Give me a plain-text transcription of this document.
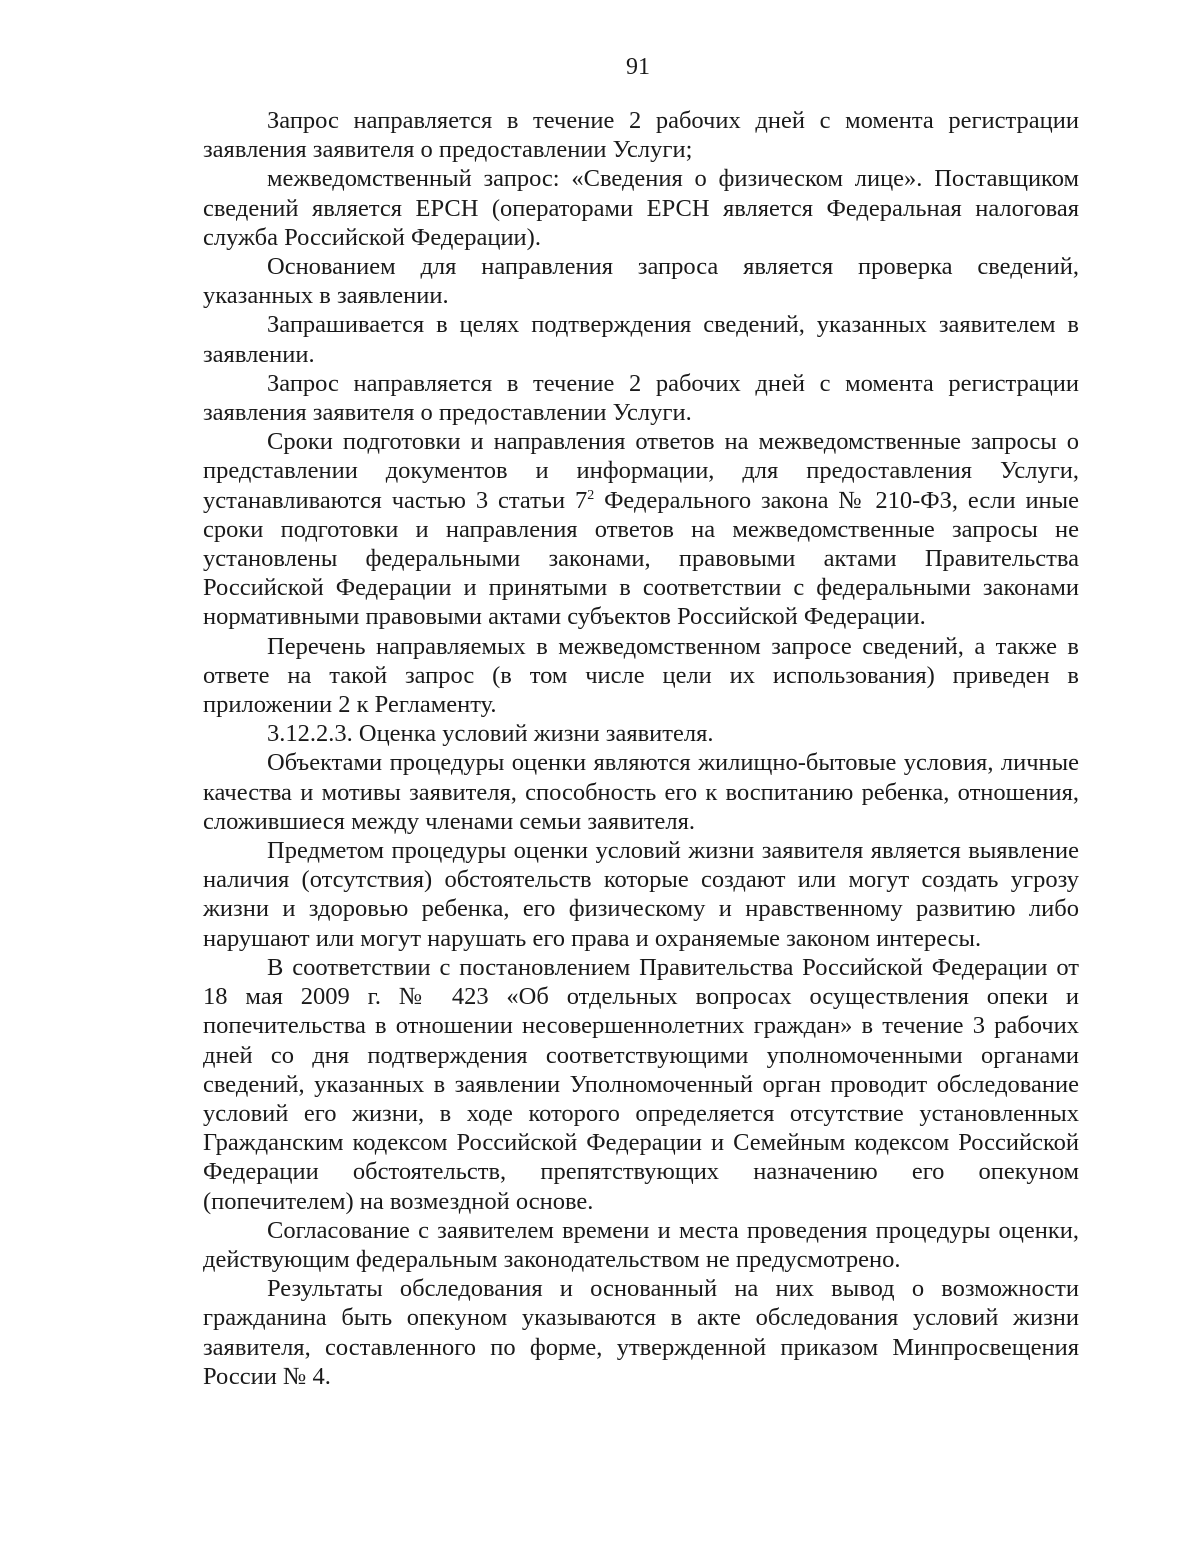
91

Запрос направляется в течение 2 рабочих дней с момента регистрации заявления заявителя о предоставлении Услуги;

межведомственный запрос: «Сведения о физическом лице». Поставщиком сведений является ЕРСН (операторами ЕРСН является Федеральная налоговая служба Российской Федерации).

Основанием для направления запроса является проверка сведений, указанных в заявлении.

Запрашивается в целях подтверждения сведений, указанных заявителем в заявлении.

Запрос направляется в течение 2 рабочих дней с момента регистрации заявления заявителя о предоставлении Услуги.

Сроки подготовки и направления ответов на межведомственные запросы о представлении документов и информации, для предоставления Услуги, устанавливаются частью 3 статьи $7^2$ Федерального закона № 210-ФЗ, если иные сроки подготовки и направления ответов на межведомственные запросы не установлены федеральными законами, правовыми актами Правительства Российской Федерации и принятыми в соответствии с федеральными законами нормативными правовыми актами субъектов Российской Федерации.

Перечень направляемых в межведомственном запросе сведений, а также в ответе на такой запрос (в том числе цели их использования) приведен в приложении 2 к Регламенту.

3.12.2.3. Оценка условий жизни заявителя.

Объектами процедуры оценки являются жилищно-бытовые условия, личные качества и мотивы заявителя, способность его к воспитанию ребенка, отношения, сложившиеся между членами семьи заявителя.

Предметом процедуры оценки условий жизни заявителя является выявление наличия (отсутствия) обстоятельств которые создают или могут создать угрозу жизни и здоровью ребенка, его физическому и нравственному развитию либо нарушают или могут нарушать его права и охраняемые законом интересы.

В соответствии с постановлением Правительства Российской Федерации от 18 мая 2009 г. № 423 «Об отдельных вопросах осуществления опеки и попечительства в отношении несовершеннолетних граждан» в течение 3 рабочих дней со дня подтверждения соответствующими уполномоченными органами сведений, указанных в заявлении Уполномоченный орган проводит обследование условий его жизни, в ходе которого определяется отсутствие установленных Гражданским кодексом Российской Федерации и Семейным кодексом Российской Федерации обстоятельств, препятствующих назначению его опекуном (попечителем) на возмездной основе.

Согласование с заявителем времени и места проведения процедуры оценки, действующим федеральным законодательством не предусмотрено.

Результаты обследования и основанный на них вывод о возможности гражданина быть опекуном указываются в акте обследования условий жизни заявителя, составленного по форме, утвержденной приказом Минпросвещения России № 4.
